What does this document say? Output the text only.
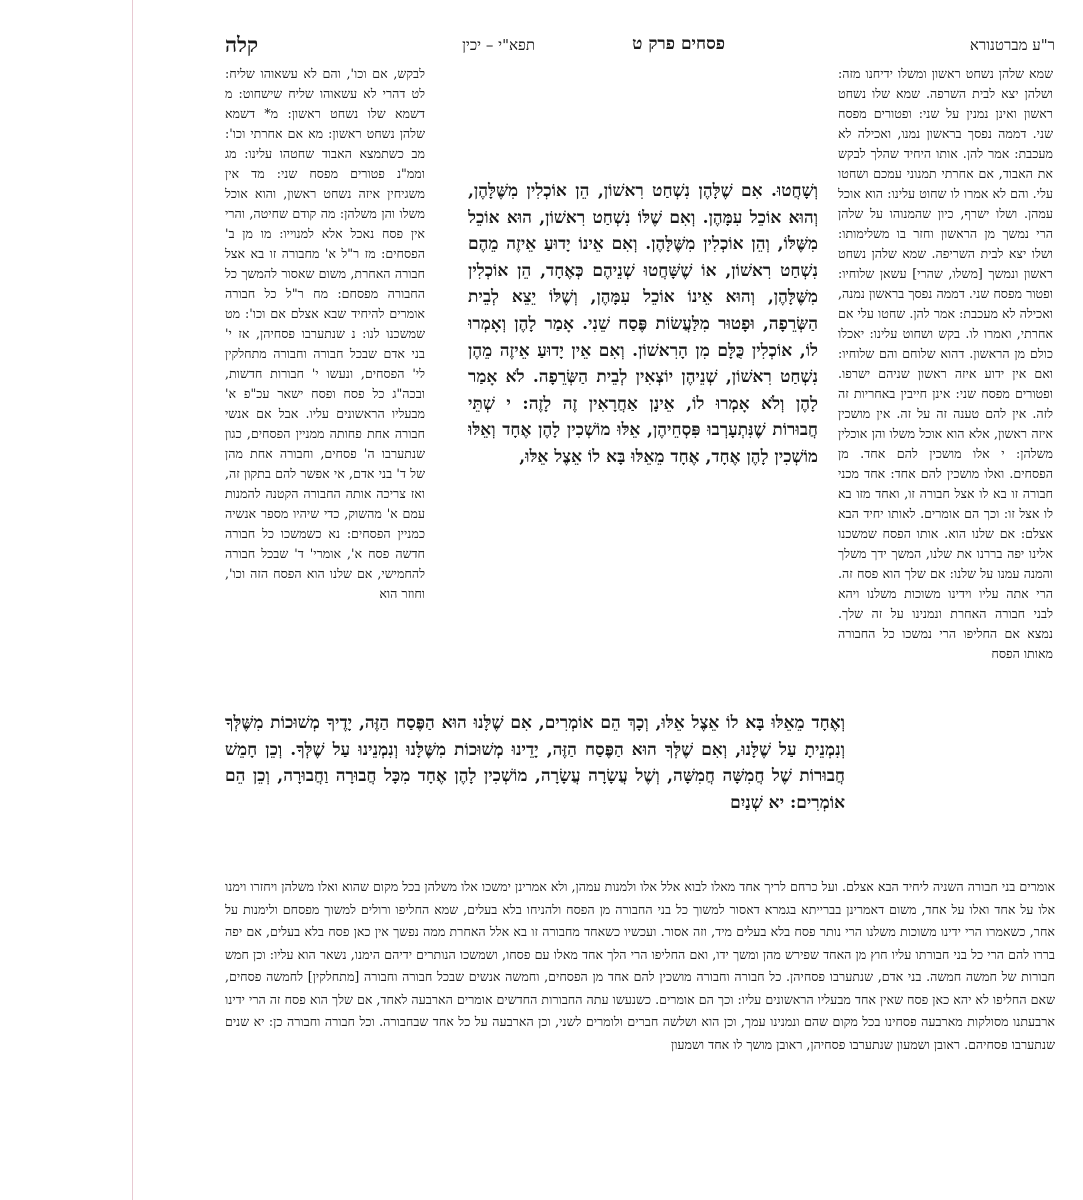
ר"ע מברטנורא
פסחים פרק ט
תפא"י – יכין
קלה

שמא שלהן נשחט ראשון ומשלו ידיחנו מזה: ושלהן יצא לבית השרפה. שמא שלו נשחט ראשון ואינן נמנין על שני: ופטורים מפסח שני. דממה נפסך בראשון נמנו, ואכילה לא מעכבת: אמר להן. אותו היחיד שהלך לבקש את האבוד, אם אחרתי תמנוני עמכם ושחטו עלי. והם לא אמרו לו שחוט עלינו: הוא אוכל עמהן. ושלו ישרף, כיון שהמנוהו על שלהן הרי נמשך מן הראשון וחזר בו משלימותו: ושלו יצא לבית השריפה. שמא שלהן נשחט ראשון ונמשך [משלו, שהרי] עשאן שלוחיו: ופטור מפסח שני. דממה נפסך בראשון נמנה, ואכילה לא מעכבת: אמר להן. שחטו עלי אם אחרתי, ואמרו לו. בקש ושחוט עלינו: יאכלו כולם מן הראשון. דהוא שלוחם והם שלוחיו: ואם אין ידוע איזה ראשון שניהם ישרפו. ופטורים מפסח שני: אינן חייבין באחריות זה לזה. אין להם טענה זה על זה. אין מושכין איזה ראשון, אלא הוא אוכל משלו והן אוכלין משלהן: י אלו מושכין להם אחד. מן הפסחים. ואלו מושכין להם אחד: אחד מכני חבורה זו בא לו אצל חבורה זו, ואחד מזו בא לו אצל זו: וכך הם אומרים. לאותו יחיד הבא אצלם: אם שלנו הוא. אותו הפסח שמשכנו אלינו יפה בררנו את שלנו, המשך ידך משלך והמנה עמנו על שלנו: אם שלך הוא פסח זה. הרי אתה עליו וידינו משוכות משלנו ויהא לבני חבורה האחרת ונמנינו על זה שלך. נמצא אם החליפו הרי נמשכו כל החבורה מאותו הפסח

לבקש, אם וכו', והם לא עשאוהו שליח: לט דהרי לא עשאוהו שליח שישחוט: מ דשמא שלו נשחט ראשון: מ* דשמא שלהן נשחט ראשון: מא אם אחרתי וכו': מב כשתמצא האבוד שחטהו עלינו: מג וממ"נ פטורים מפסח שני: מד אין משגיחין איזה נשחט ראשון, והוא אוכל משלו והן משלהן: מה קודם שחיטה, והרי אין פסח נאכל אלא למנוייו: מו מן ב' הפסחים: מז ר"ל א' מחבורה זו בא אצל חבורה האחרת, משום שאסור להמשך כל החבורה מפסחם: מח ר"ל כל חבורה אומרים להיחיד שבא אצלם אם וכו': מט שמשכנו לנו: נ שנתערבו פסחיהן, אז י' בני אדם שבכל חבורה וחבורה מתחלקין לי' הפסחים, ונעשו י' חבורות חדשות, ובכה"ג כל פסח ופסח ישאר עכ"פ א' מבעליו הראשונים עליו. אבל אם אנשי חבורה אחת פחותה ממניין הפסחים, כגון שנתערבו ה' פסחים, וחבורה אחת מהן של ד' בני אדם, אי אפשר להם בתקון זה, ואז צריכה אותה החבורה הקטנה להמנות עמם א' מהשוק, כדי שיהיו מספר אנשיה כמניין הפסחים: נא כשמשכו כל חבורה חדשה פסח א', אומרי' ד' שבכל חבורה להחמישי, אם שלנו הוא הפסח הזה וכו', וחוזר הוא

וְשָׁחֲטוּ. אִם שֶׁלָּהֶן נִשְׁחַט רִאשׁוֹן, הֵן אוֹכְלִין מִשֶּׁלָּהֶן, וְהוּא אוֹכֵל עִמָּהֶן. וְאִם שֶׁלּוֹ נִשְׁחַט רִאשׁוֹן, הוּא אוֹכֵל מִשֶּׁלּוֹ, וְהֵן אוֹכְלִין מִשֶּׁלָּהֶן. וְאִם אֵינוֹ יָדוּעַ אֵיזֶה מֵהֶם נִשְׁחַט רִאשׁוֹן, אוֹ שֶׁשָּׁחֲטוּ שְׁנֵיהֶם כְּאֶחָד, הֵן אוֹכְלִין מִשֶּׁלָּהֶן, וְהוּא אֵינוֹ אוֹכֵל עִמָּהֶן, וְשֶׁלּוֹ יֵצֵא לְבֵית הַשְּׂרֵפָה, וּפָטוּר מִלַּעֲשׂוֹת פֶּסַח שֵׁנִי. אָמַר לָהֶן וְאָמְרוּ לוֹ, אוֹכְלִין כֻּלָּם מִן הָרִאשׁוֹן. וְאִם אֵין יָדוּעַ אֵיזֶה מֵהֶן נִשְׁחַט רִאשׁוֹן, שְׁנֵיהֶן יוֹצְאִין לְבֵית הַשְּׂרֵפָה. לֹא אָמַר לָהֶן וְלֹא אָמְרוּ לוֹ, אֵינָן אַחֲרָאִין זֶה לָזֶה: י שְׁתֵּי חֲבוּרוֹת שֶׁנִּתְעָרְבוּ פִּסְחֵיהֶן, אֵלּוּ מוֹשְׁכִין לָהֶן אֶחָד וְאֵלּוּ מוֹשְׁכִין לָהֶן אֶחָד, אֶחָד מֵאֵלּוּ בָּא לוֹ אֵצֶל אֵלּוּ,

וְאֶחָד מֵאֵלּוּ בָּא לוֹ אֵצֶל אֵלּוּ, וְכָךְ הֵם אוֹמְרִים, אִם שֶׁלָּנוּ הוּא הַפֶּסַח הַזֶּה, יָדֶיךָ מְשׁוּכוֹת מִשֶּׁלְּךָ וְנִמְנֵיתָ עַל שֶׁלָּנוּ, וְאִם שֶׁלְּךָ הוּא הַפֶּסַח הַזֶּה, יָדֵינוּ מְשׁוּכוֹת מִשֶּׁלָּנוּ וְנִמְנֵינוּ עַל שֶׁלְּךָ. וְכֵן חָמֵשׁ חֲבוּרוֹת שֶׁל חֲמִשָּׁה חֲמִשָּׁה, וְשֶׁל עֲשָׂרָה עֲשָׂרָה, מוֹשְׁכִין לָהֶן אֶחָד מִכָּל חֲבוּרָה וַחֲבוּרָה, וְכֵן הֵם אוֹמְרִים: יא שְׁנַיִם

אומרים בני חבורה השניה ליחיד הבא אצלם. ועל כרחם לריך אחד מאלו לבוא אלל אלו ולמנות עמהן, ולא אמרינן ימשכו אלו משלהן בכל מקום שהוא ואלו משלהן ויחזרו וימנו אלו על אחד ואלו על אחד, משום דאמרינן בברייתא בגמרא דאסור למשוך כל בני החבורה מן הפסח ולהניחו בלא בעלים, שמא החליפו ורולים למשוך מפסחם ולימנות על אחר, כשאמרו הרי ידינו משוכות משלנו הרי נותר פסח בלא בעלים מיד, וזה אסור. ועכשיו כשאחד מחבורה זו בא אלל האחרת ממה נפשך אין כאן פסח בלא בעלים, אם יפה בררו להם הרי כל בני חבורתו עליו חוץ מן האחד שפירש מהן ומשך ידו, ואם החליפו הרי הלך אחד מאלו עם פסחו, ושמשכו הנותרים ידיהם הימנו, נשאר הוא עליו: וכן חמש חבורות של חמשה חמשה. בני אדם, שנתערבו פסחיהן. כל חבורה וחבורה מושכין להם אחד מן הפסחים, וחמשה אנשים שבכל חבורה וחבורה [מתחלקין] לחמשה פסחים, שאם החליפו לא יהא כאן פסח שאין אחד מבעליו הראשונים עליו: וכך הם אומרים. כשנעשו עתה החבורות החדשים אומרים הארבעה לאחד, אם שלך הוא פסח זה הרי ידינו ארבעתנו מסולקות מארבעה פסחינו בכל מקום שהם ונמנינו עמך, וכן הוא ושלשה חברים ולומרים לשני, וכן הארבעה על כל אחד שבחבורה. וכל חבורה וחבורה כן: יא שנים שנתערבו פסחיהם. ראובן ושמעון שנתערבו פסחיהן, ראובן מושך לו אחד ושמעון
